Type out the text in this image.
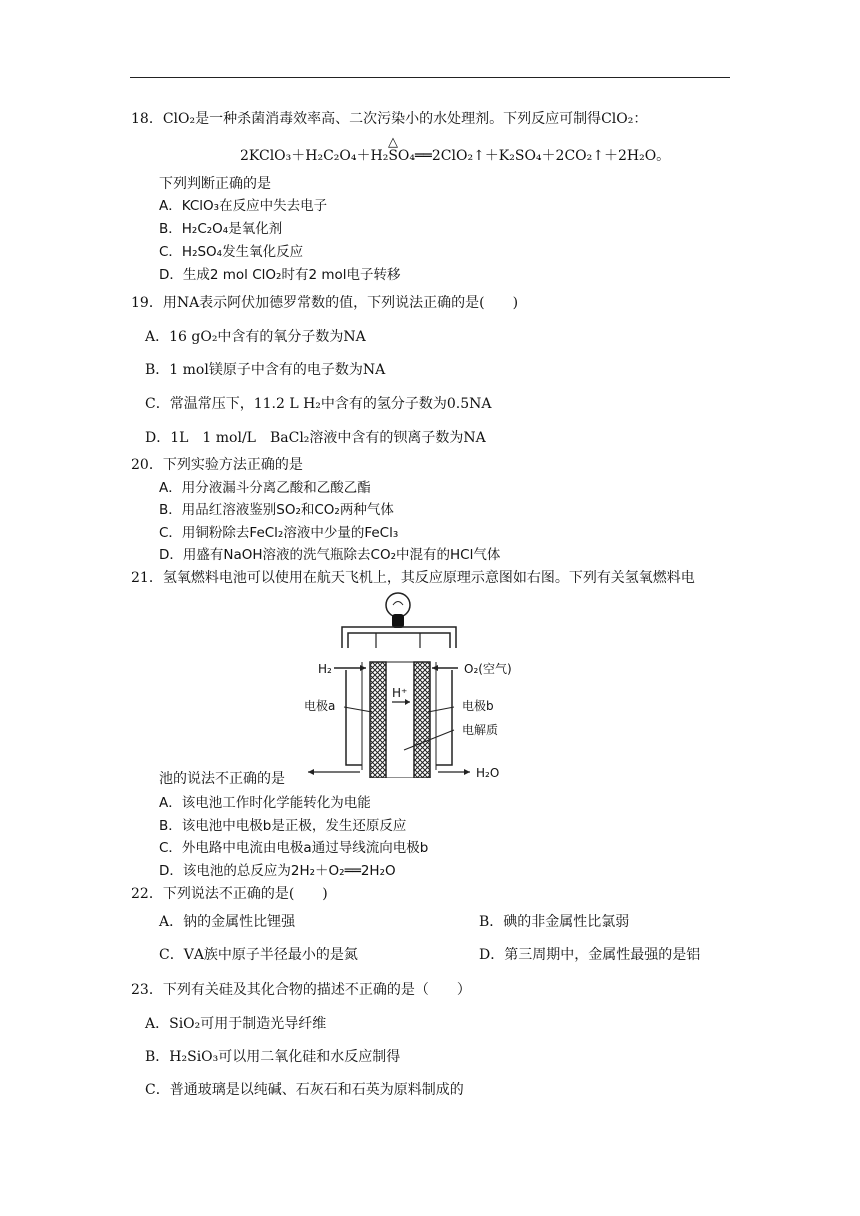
18．ClO₂是一种杀菌消毒效率高、二次污染小的水处理剂。下列反应可制得ClO₂：
2KClO₃＋H₂C₂O₄＋H₂SO₄══2ClO₂↑＋K₂SO₄＋2CO₂↑＋2H₂O。
△
下列判断正确的是
A．KClO₃在反应中失去电子
B．H₂C₂O₄是氧化剂
C．H₂SO₄发生氧化反应
D．生成2 mol ClO₂时有2 mol电子转移
19．用NA表示阿伏加德罗常数的值，下列说法正确的是(　　)
A．16 gO₂中含有的氧分子数为NA
B．1 mol镁原子中含有的电子数为NA
C．常温常压下，11.2 L H₂中含有的氢分子数为0.5NA
D．1L　1 mol/L　BaCl₂溶液中含有的钡离子数为NA
20．下列实验方法正确的是
A．用分液漏斗分离乙酸和乙酸乙酯
B．用品红溶液鉴别SO₂和CO₂两种气体
C．用铜粉除去FeCl₂溶液中少量的FeCl₃
D．用盛有NaOH溶液的洗气瓶除去CO₂中混有的HCl气体
21．氢氧燃料电池可以使用在航天飞机上，其反应原理示意图如右图。下列有关氢氧燃料电
H₂	O₂(空气)
H⁺
电极a	电极b
电解质
H₂O
池的说法不正确的是
A．该电池工作时化学能转化为电能
B．该电池中电极b是正极，发生还原反应
C．外电路中电流由电极a通过导线流向电极b
D．该电池的总反应为2H₂＋O₂══2H₂O
22．下列说法不正确的是(　　)
A．钠的金属性比锂强	B．碘的非金属性比氯弱
C．ⅤA族中原子半径最小的是氮	D．第三周期中，金属性最强的是铝
23．下列有关硅及其化合物的描述不正确的是（　　）
A．SiO₂可用于制造光导纤维
B．H₂SiO₃可以用二氧化硅和水反应制得
C．普通玻璃是以纯碱、石灰石和石英为原料制成的
